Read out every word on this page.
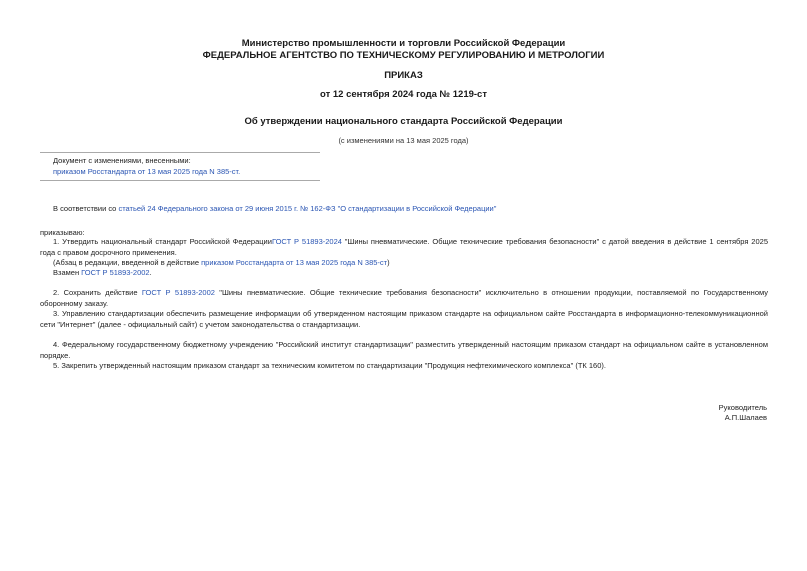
Министерство промышленности и торговли Российской Федерации
ФЕДЕРАЛЬНОЕ АГЕНТСТВО ПО ТЕХНИЧЕСКОМУ РЕГУЛИРОВАНИЮ И МЕТРОЛОГИИ
ПРИКАЗ
от 12 сентября 2024 года № 1219-ст
Об утверждении национального стандарта Российской Федерации
(с изменениями на 13 мая 2025 года)
Документ с изменениями, внесенными:
приказом Росстандарта от 13 мая 2025 года N 385-ст.
В соответствии со статьей 24 Федерального закона от 29 июня 2015 г. № 162-ФЗ "О стандартизации в Российской Федерации"
приказываю:
1. Утвердить национальный стандарт Российской ФедерацииГОСТ Р 51893-2024 "Шины пневматические. Общие технические требования безопасности" с датой введения в действие 1 сентября 2025 года с правом досрочного применения.
(Абзац в редакции, введенной в действие приказом Росстандарта от 13 мая 2025 года N 385-ст)
Взамен ГОСТ Р 51893-2002.
2. Сохранить действие ГОСТ Р 51893-2002 "Шины пневматические. Общие технические требования безопасности" исключительно в отношении продукции, поставляемой по Государственному оборонному заказу.
3. Управлению стандартизации обеспечить размещение информации об утвержденном настоящим приказом стандарте на официальном сайте Росстандарта в информационно-телекоммуникационной сети "Интернет" (далее - официальный сайт) с учетом законодательства о стандартизации.
4. Федеральному государственному бюджетному учреждению "Российский институт стандартизации" разместить утвержденный настоящим приказом стандарт на официальном сайте в установленном порядке.
5. Закрепить утвержденный настоящим приказом стандарт за техническим комитетом по стандартизации "Продукция нефтехимического комплекса" (ТК 160).
Руководитель
А.П.Шалаев
